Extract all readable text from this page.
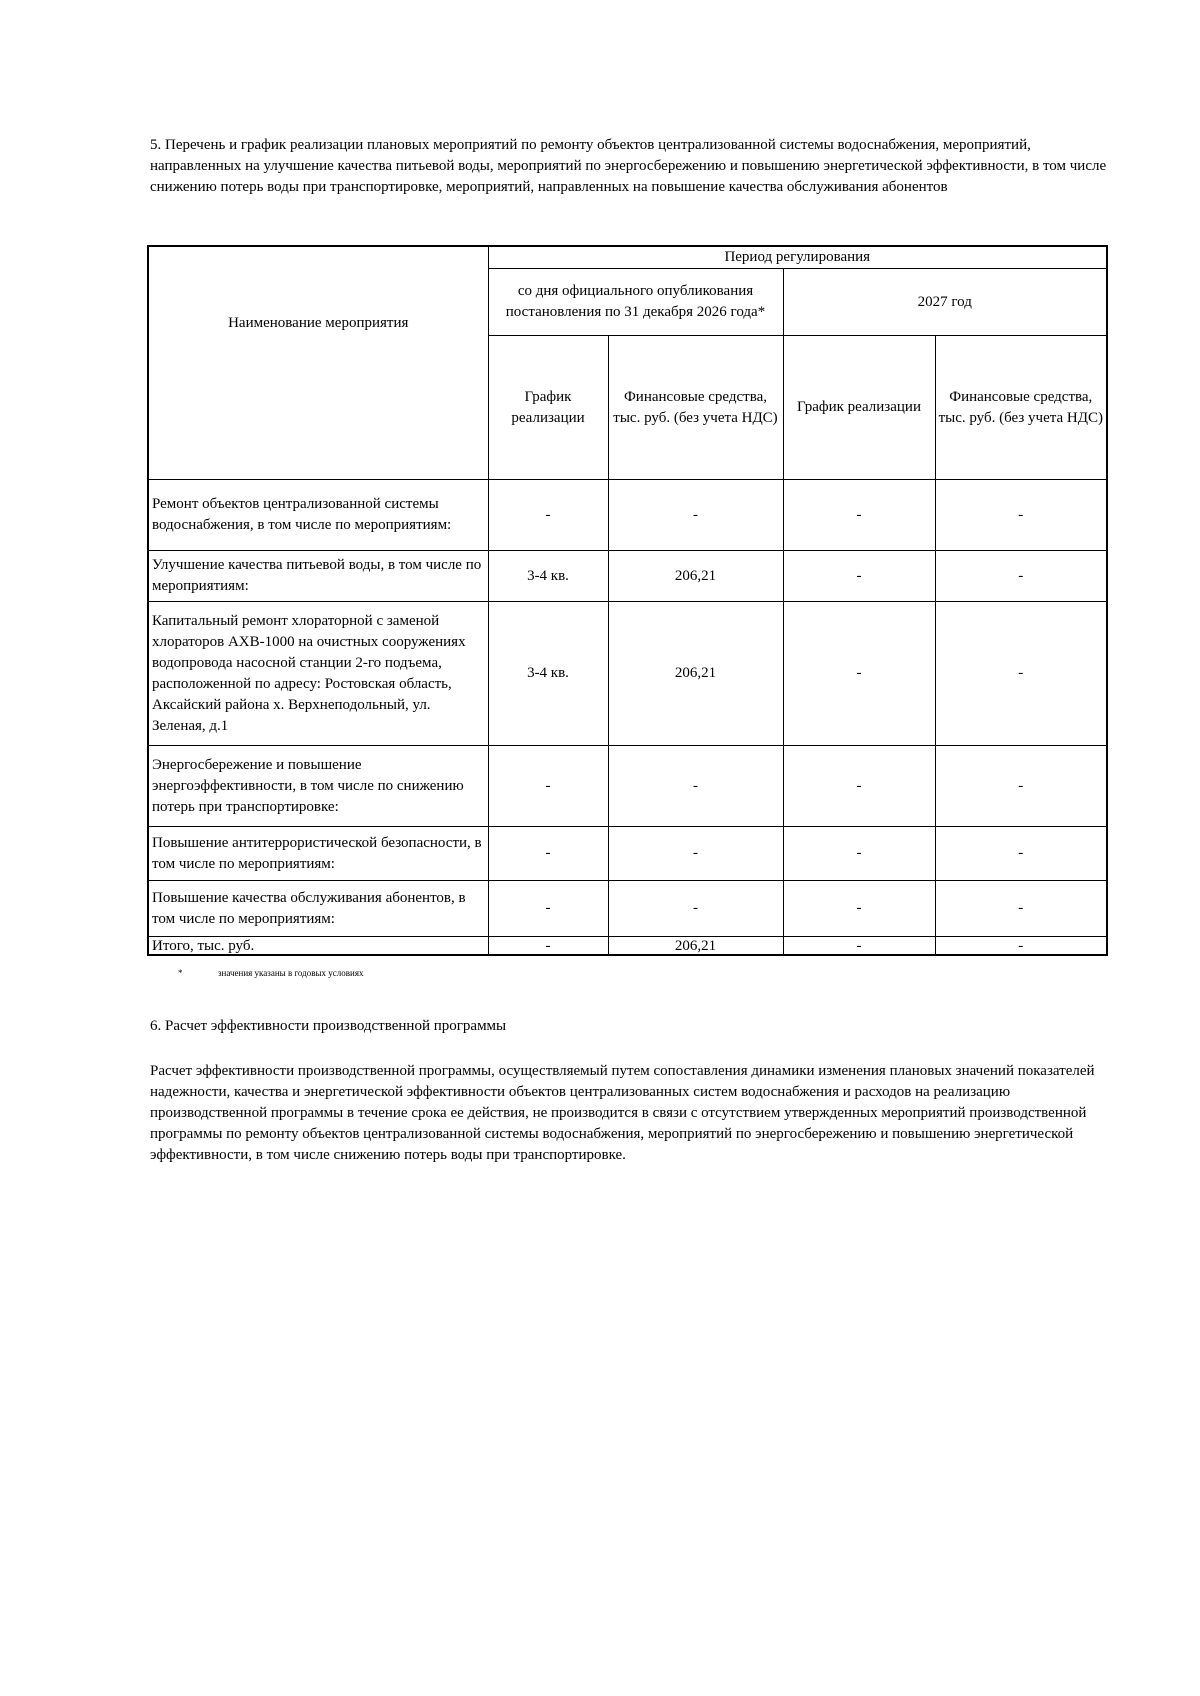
5. Перечень и график реализации плановых мероприятий по ремонту объектов централизованной системы водоснабжения, мероприятий, направленных на улучшение качества питьевой воды, мероприятий по энергосбережению и повышению энергетической эффективности, в том числе снижению потерь воды при транспортировке, мероприятий, направленных на повышение качества обслуживания абонентов
Наименование мероприятия	Период регулирования			
	со дня официального опубликования постановления по 31 декабря 2026 года*		2027 год	
	График реализации	Финансовые средства, тыс. руб. (без учета НДС)	График реализации	Финансовые средства, тыс. руб. (без учета НДС)
Ремонт объектов централизованной системы водоснабжения, в том числе по мероприятиям:	-	-	-	-
Улучшение качества питьевой воды, в том числе по мероприятиям:	3-4 кв.	206,21	-	-
Капитальный ремонт хлораторной с заменой хлораторов АХВ-1000 на очистных сооружениях водопровода насосной станции 2-го подъема, расположенной по адресу: Ростовская область, Аксайский района х. Верхнеподольный, ул. Зеленая, д.1	3-4 кв.	206,21	-	-
Энергосбережение и повышение энергоэффективности, в том числе по снижению потерь при транспортировке:	-	-	-	-
Повышение антитеррористической безопасности, в том числе по мероприятиям:	-	-	-	-
Повышение качества обслуживания абонентов, в том числе по мероприятиям:	-	-	-	-
Итого, тыс. руб.	-	206,21	-	-
*	значения указаны в годовых условиях
6. Расчет эффективности производственной программы
Расчет эффективности производственной программы, осуществляемый путем сопоставления динамики изменения плановых значений показателей надежности, качества и энергетической эффективности объектов централизованных систем водоснабжения и расходов на реализацию производственной программы в течение срока ее действия, не производится в связи с отсутствием утвержденных мероприятий производственной программы по ремонту объектов централизованной системы водоснабжения, мероприятий по энергосбережению и повышению энергетической эффективности, в том числе снижению потерь воды при транспортировке.
